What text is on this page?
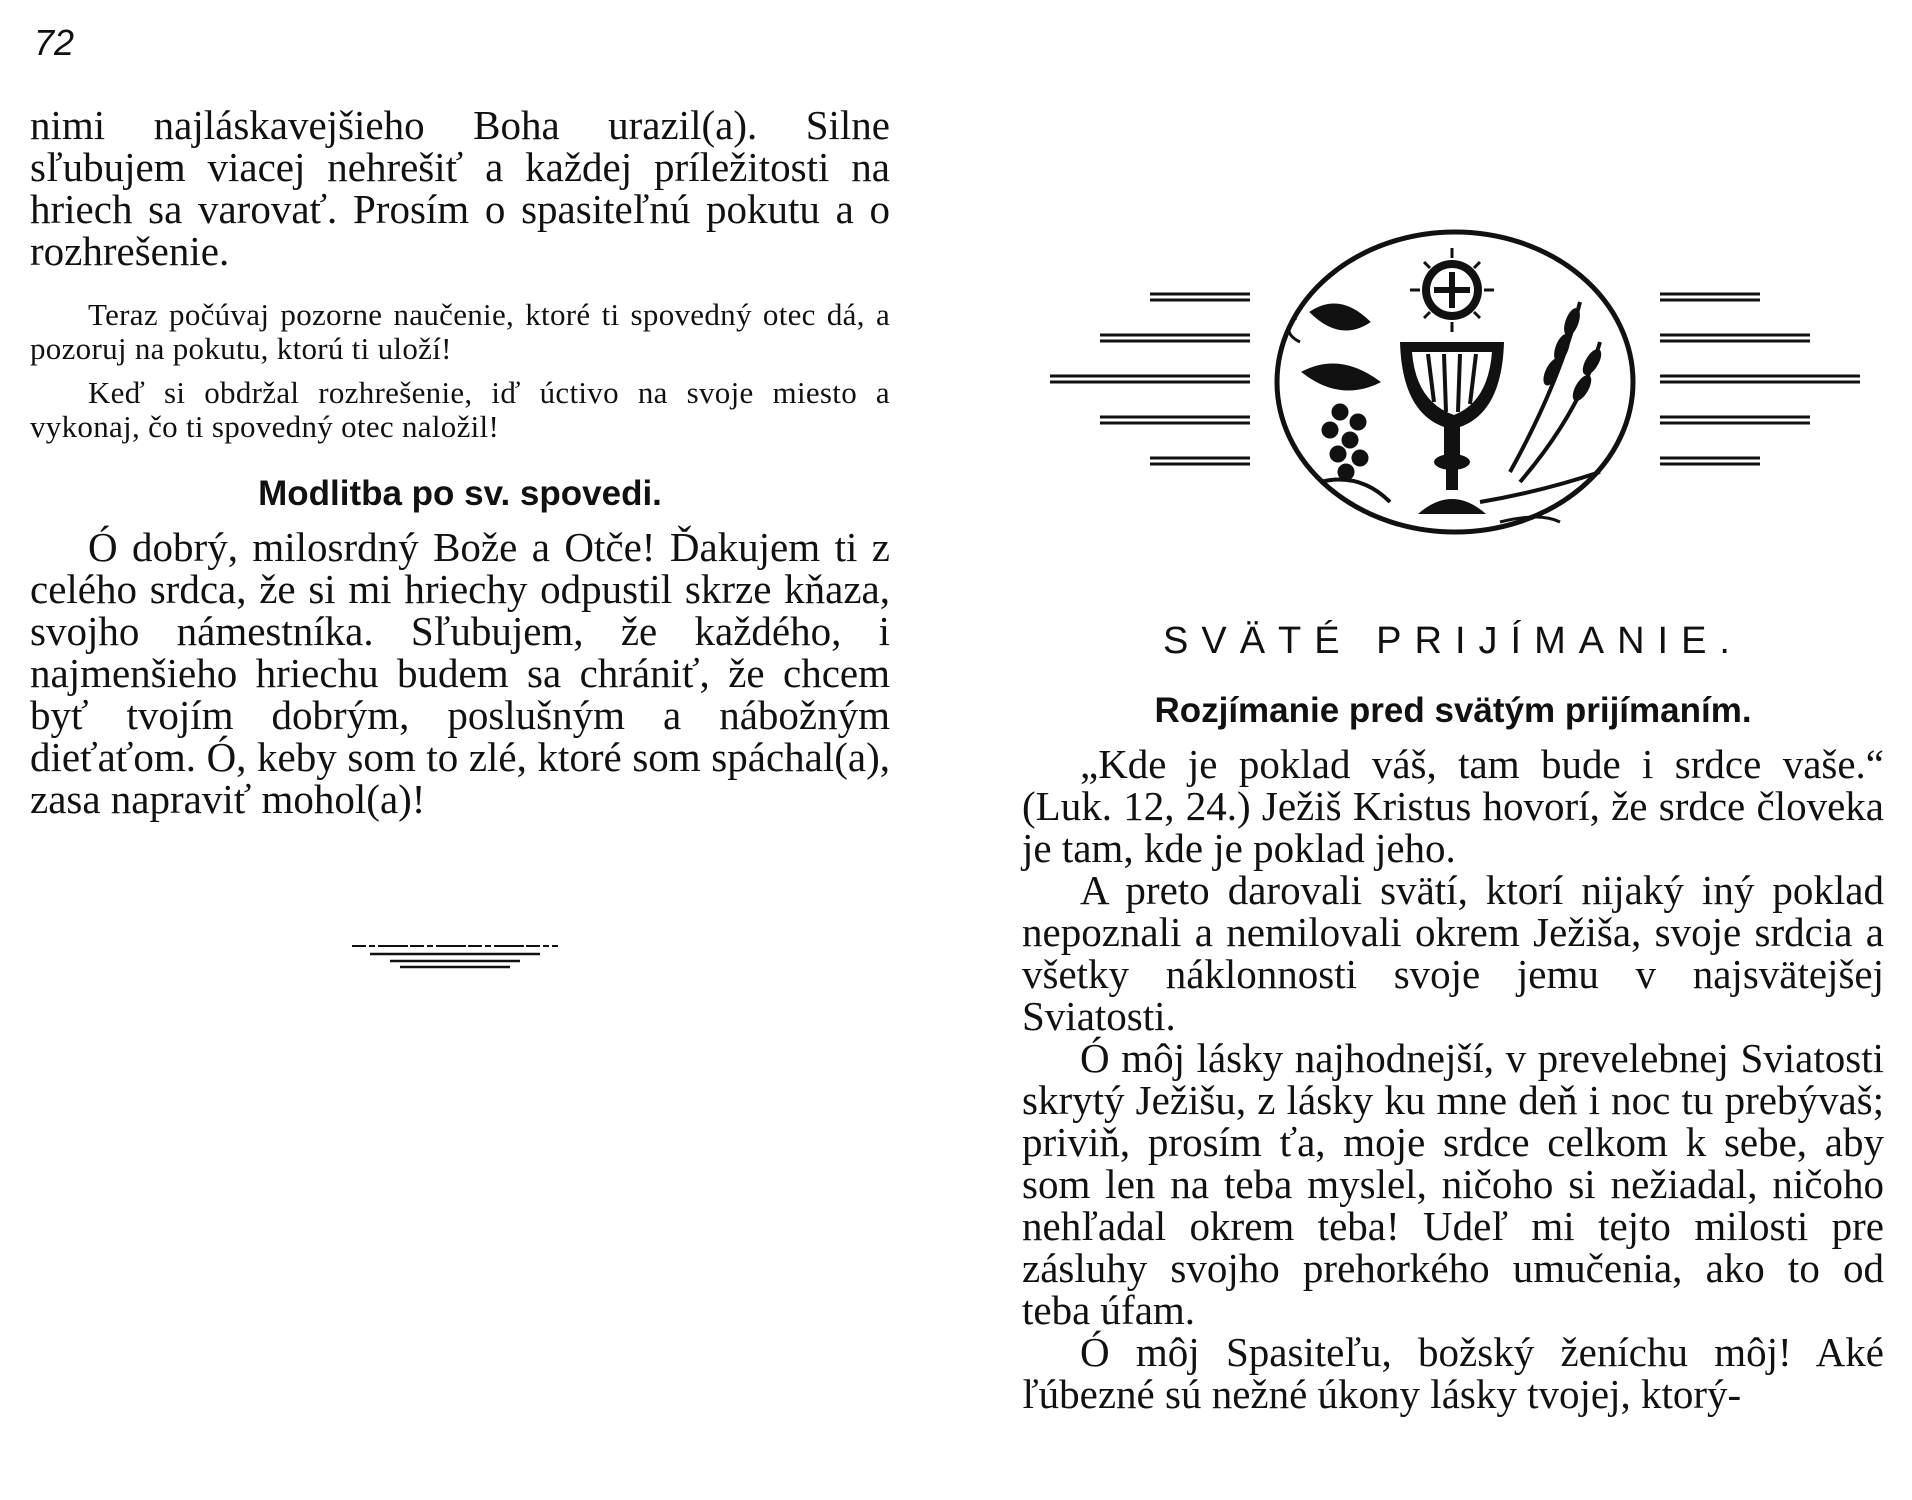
72

nimi najláskavejšieho Boha urazil(a). Silne sľubujem viacej nehrešiť a každej príležitosti na hriech sa varovať. Prosím o spasiteľnú pokutu a o rozhrešenie.

Teraz počúvaj pozorne naučenie, ktoré ti spovedný otec dá, a pozoruj na pokutu, ktorú ti uloží!

Keď si obdržal rozhrešenie, iď úctivo na svoje miesto a vykonaj, čo ti spovedný otec naložil!

Modlitba po sv. spovedi.

Ó dobrý, milosrdný Bože a Otče! Ďakujem ti z celého srdca, že si mi hriechy odpustil skrze kňaza, svojho námestníka. Sľubujem, že každého, i najmenšieho hriechu budem sa chrániť, že chcem byť tvojím dobrým, poslušným a nábožným dieťaťom. Ó, keby som to zlé, ktoré som spáchal(a), zasa napraviť mohol(a)!

SVÄTÉ PRIJÍMANIE.

Rozjímanie pred svätým prijímaním.

„Kde je poklad váš, tam bude i srdce vaše.“ (Luk. 12, 24.) Ježiš Kristus hovorí, že srdce človeka je tam, kde je poklad jeho.

A preto darovali svätí, ktorí nijaký iný poklad nepoznali a nemilovali okrem Ježiša, svoje srdcia a všetky náklonnosti svoje jemu v najsvätejšej Sviatosti.

Ó môj lásky najhodnejší, v prevelebnej Sviatosti skrytý Ježišu, z lásky ku mne deň i noc tu prebývaš; priviň, prosím ťa, moje srdce celkom k sebe, aby som len na teba myslel, ničoho si nežiadal, ničoho nehľadal okrem teba! Udeľ mi tejto milosti pre zásluhy svojho prehorkého umučenia, ako to od teba úfam.

Ó môj Spasiteľu, božský ženíchu môj! Aké ľúbezné sú nežné úkony lásky tvojej, ktorý-
